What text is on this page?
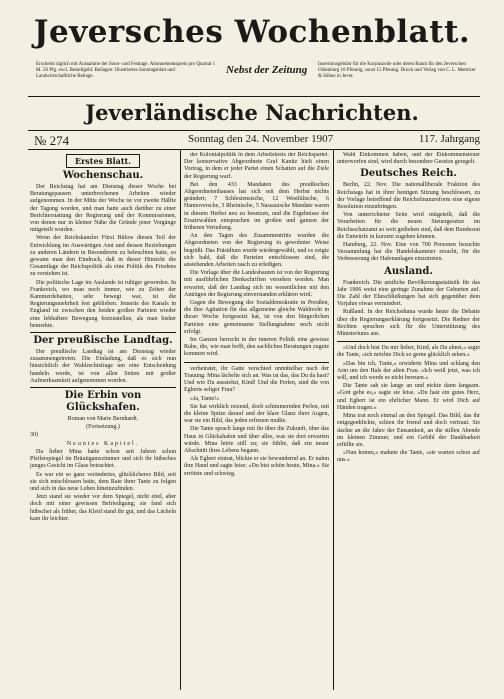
Jeversches Wochenblatt.
Erscheint täglich mit Ausnahme der Sonn- und Festtage. Abonnementspreis pro Quartal 1 M. 50 Pfg. excl. Bestellgeld. Beilagen: Illustriertes Sonntagsblatt und Landwirtschaftliche Beilage.
Nebst der Zeitung Insertionsgebühr für die Korpuszeile oder deren Raum für den Jeverschen Oldenburg 10 Pfennig, sonst 15 Pfennig. Druck und Verlag von C. L. Mettcker & Söhne in Jever.
Jeverländische Nachrichten.
№ 274	Sonntag den 24. November 1907	117. Jahrgang
Erstes Blatt.
Wochenschau.

Der Reichstag hat am Dienstag dieser Woche bei Beratungspausen unterbrochenen Arbeiten wieder aufgenommen. In der Mitte der Woche ist vor zweite Hälfte der Tagung worden, und man hatte auch darüber zu einer Berichterstattung der Regierung und der Kommissionen, von denen nur in kleiner Nähe die Gründe jener Vorgänge mitgeteilt wurden.

Wenn der Reichskanzler Fürst Bülow diesen Teil der Entwicklung im Auswärtigen Amt und dessen Beziehungen zu anderen Ländern in Besonderem zu beleuchten hatte, so gewann man den Eindruck, daß in dieser Hinsicht die Gesamtlage der Reichspolitik als eine Politik des Friedens zu verstehen ist.

Die politische Lage im Auslande ist ruhiger geworden. In Frankreich, wo man noch immer, wie zu Zeiten der Kammerdebatten, sehr bewegt war, ist die Regierungsmehrheit fest geblieben. Jenseits des Kanals in England ist zwischen den beiden großen Parteien wieder eine lebhaftere Bewegung festzustellen, als man bisher bemerkte.

Der preußische Landtag.

Der preußische Landtag ist am Dienstag wieder zusammengetreten. Die Einladung, daß es sich nun hinsichtlich der Wahlrechtsfrage um eine Entscheidung handeln werde, ist von allen Seiten mit großer Aufmerksamkeit aufgenommen worden.

Die Erbin von Glückshafen.
Roman von Marie Bernhardt.
(Fortsetzung.)
30)
Neuntes Kapitel.

Da lieber Mina hatte schon seit Jahren schon Pfeilerspiegel im Bräutigamszimmer und sich ihr hübsches junges Gesicht im Glase betrachtet.

Es war ein so ganz verändertes, glücklicheres Bild, seit sie sich entschlossen hatte, dem Rate ihrer Tante zu folgen und sich in das neue Leben hineinzufinden.

Jetzt stand sie wieder vor dem Spiegel, nicht eitel, aber doch mit einer gewissen Befriedigung; sie fand sich hübscher als früher, das Kleid stand ihr gut, und das Lächeln kam ihr leichter.

der Kolonialpolitik in dem Arbeitskreis der Reichspartei. Der konservative Abgeordnete Graf Kanitz hielt einen Vortrag, in dem er jeder Partei einen Schatten auf die Ziele der Regierung warf.

Bei den 433 Mandaten des preußischen Abgeordnetenhauses hat sich seit dem Herbst nichts geändert; 7 Schlesiensische, 12 Westfälische, 6 Hannoversche, 3 Rheinische, 5 Nassauische Mandate waren in diesem Herbst neu zu besetzen, und die Ergebnisse der Ersatzwahlen entsprachen im großen und ganzen der früheren Verteilung.

An den Tagen des Zusammentritts wurden die Abgeordneten von der Regierung in gewohnter Weise begrüßt. Das Präsidium wurde wiedergewählt, und es zeigte sich bald, daß die Parteien entschlossen sind, die anstehenden Arbeiten rasch zu erledigen.

Die Vorlage über die Landesbauten ist von der Regierung mit ausführlichen Denkschriften versehen worden. Man erwartet, daß der Landtag sich im wesentlichen mit den Anträgen der Regierung einverstanden erklären wird.

Gegen die Bewegung der Sozialdemokratie in Preußen, die ihre Agitation für das allgemeine gleiche Wahlrecht in dieser Woche fortgesetzt hat, ist von den bürgerlichen Parteien eine gemeinsame Stellungnahme noch nicht erfolgt.

Im Ganzen herrscht in der inneren Politik eine gewisse Ruhe, die, wie man hofft, den sachlichen Beratungen zugute kommen wird.

verheiratet, ihr Gatte verschied unmittelbar nach der Trauung. Mina lächelte sich an. Was ist das, das Du da hast? Und wie Du aussiehst, Kind! Und die Perlen, sind die von Egberts seliger Frau?

»Ja, Tante!«

Sie hat wirklich reizend, doch schimmernden Perlen, mit die kleine Spitze darauf und der klare Glanz ihrer Augen, war sie ein Bild, das jeden erfreuen mußte.

Die Tante sprach lange mit ihr über die Zukunft, über das Haus in Glückshafen und über alles, was sie dort erwarten würde. Mina hörte still zu; sie fühlte, daß ein neuer Abschnitt ihres Lebens begann.

Als Egbert eintrat, blickte er sie bewundernd an. Er nahm ihre Hand und sagte leise: »Du bist schön heute, Mina.« Sie errötete und schwieg.

Wahl Einkommen haben, und der Einkommensteuer unterworfen sind, wird durch besondere Gesetze geregelt.

Deutsches Reich.

Berlin, 22. Nov. Die nationalliberale Fraktion des Reichstags hat in ihrer heutigen Sitzung beschlossen, zu der Vorlage betreffend die Reichsfinanzreform eine eigene Resolution einzubringen.

Von unterrichteter Seite wird mitgeteilt, daß die Vorarbeiten für die neuen Steuergesetze im Reichsschatzamt so weit gediehen sind, daß dem Bundesrat die Entwürfe in kurzem zugehen können.

Hamburg, 22. Nov. Eine von 700 Personen besuchte Versammlung hat die Handelskammer ersucht, für die Verbesserung der Hafenanlagen einzutreten.

Ausland.

Frankreich. Die amtliche Bevölkerungsstatistik für das Jahr 1906 weist eine geringe Zunahme der Geburten auf. Die Zahl der Eheschließungen hat sich gegenüber dem Vorjahre etwas vermindert.

Rußland. In der Reichsduma wurde heute die Debatte über die Regierungserklärung fortgesetzt. Die Redner der Rechten sprachen sich für die Unterstützung des Ministeriums aus.

»Und doch bist Du mir lieber, Kind, als Du ahnst,« sagte die Tante, »ich möchte Dich so gerne glücklich sehen.«

»Das bin ich, Tante,« erwiderte Mina und schlang den Arm um den Hals der alten Frau. »Ich weiß jetzt, was ich will, und ich werde es nicht bereuen.«

Die Tante sah sie lange an und nickte dann langsam. »Gott gebe es,« sagte sie leise. »Du hast ein gutes Herz, und Egbert ist ein ehrlicher Mann. Er wird Dich auf Händen tragen.«

Mina trat noch einmal an den Spiegel. Das Bild, das ihr entgegenblickte, schien ihr fremd und doch vertraut. Sie dachte an die Jahre der Einsamkeit, an die stillen Abende im kleinen Zimmer, und ein Gefühl der Dankbarkeit erfüllte sie.

»Nun komm,« mahnte die Tante, »sie warten schon auf uns.«
